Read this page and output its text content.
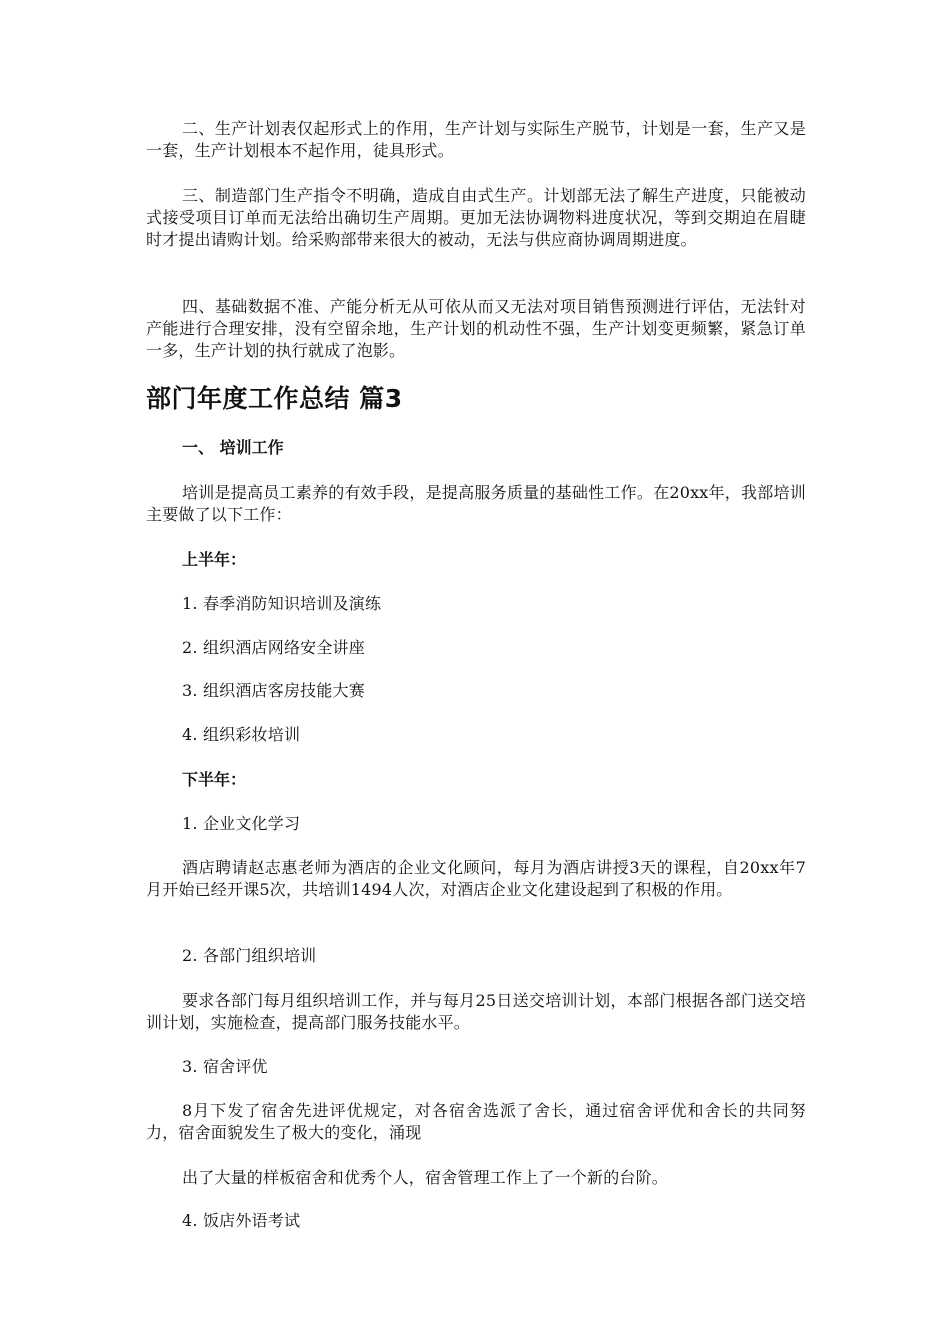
二、生产计划表仅起形式上的作用，生产计划与实际生产脱节，计划是一套，生产又是一套，生产计划根本不起作用，徒具形式。

三、制造部门生产指令不明确，造成自由式生产。计划部无法了解生产进度，只能被动式接受项目订单而无法给出确切生产周期。更加无法协调物料进度状况，等到交期迫在眉睫时才提出请购计划。给采购部带来很大的被动，无法与供应商协调周期进度。

四、基础数据不准、产能分析无从可依从而又无法对项目销售预测进行评估，无法针对产能进行合理安排，没有空留余地，生产计划的机动性不强，生产计划变更频繁，紧急订单一多，生产计划的执行就成了泡影。

部门年度工作总结 篇3

一、 培训工作

培训是提高员工素养的有效手段，是提高服务质量的基础性工作。在20xx年，我部培训主要做了以下工作：

上半年：

1. 春季消防知识培训及演练

2. 组织酒店网络安全讲座

3. 组织酒店客房技能大赛

4. 组织彩妆培训

下半年：

1. 企业文化学习

酒店聘请赵志惠老师为酒店的企业文化顾问，每月为酒店讲授3天的课程，自20xx年7月开始已经开课5次，共培训1494人次，对酒店企业文化建设起到了积极的作用。

2. 各部门组织培训

要求各部门每月组织培训工作，并与每月25日送交培训计划，本部门根据各部门送交培训计划，实施检查，提高部门服务技能水平。

3. 宿舍评优

8月下发了宿舍先进评优规定，对各宿舍选派了舍长，通过宿舍评优和舍长的共同努力，宿舍面貌发生了极大的变化，涌现

出了大量的样板宿舍和优秀个人，宿舍管理工作上了一个新的台阶。

4. 饭店外语考试
